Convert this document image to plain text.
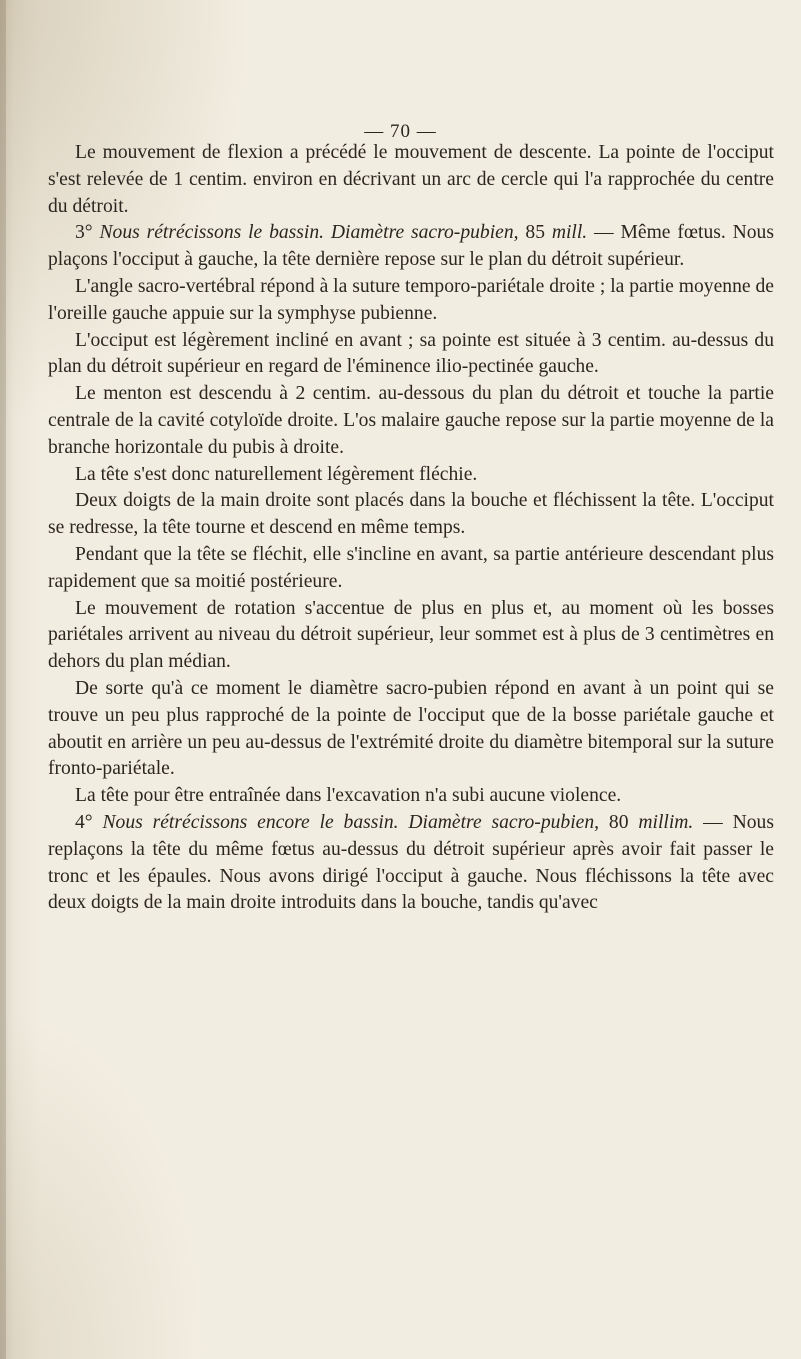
— 70 —

Le mouvement de flexion a précédé le mouvement de descente. La pointe de l'occiput s'est relevée de 1 centim. environ en décrivant un arc de cercle qui l'a rapprochée du centre du détroit.

3° Nous rétrécissons le bassin. Diamètre sacro-pubien, 85 mill. — Même fœtus. Nous plaçons l'occiput à gauche, la tête dernière repose sur le plan du détroit supérieur.

L'angle sacro-vertébral répond à la suture temporo-pariétale droite ; la partie moyenne de l'oreille gauche appuie sur la symphyse pubienne.

L'occiput est légèrement incliné en avant ; sa pointe est située à 3 centim. au-dessus du plan du détroit supérieur en regard de l'éminence ilio-pectinée gauche.

Le menton est descendu à 2 centim. au-dessous du plan du détroit et touche la partie centrale de la cavité cotyloïde droite. L'os malaire gauche repose sur la partie moyenne de la branche horizontale du pubis à droite.

La tête s'est donc naturellement légèrement fléchie.

Deux doigts de la main droite sont placés dans la bouche et fléchissent la tête. L'occiput se redresse, la tête tourne et descend en même temps.

Pendant que la tête se fléchit, elle s'incline en avant, sa partie antérieure descendant plus rapidement que sa moitié postérieure.

Le mouvement de rotation s'accentue de plus en plus et, au moment où les bosses pariétales arrivent au niveau du détroit supérieur, leur sommet est à plus de 3 centimètres en dehors du plan médian.

De sorte qu'à ce moment le diamètre sacro-pubien répond en avant à un point qui se trouve un peu plus rapproché de la pointe de l'occiput que de la bosse pariétale gauche et aboutit en arrière un peu au-dessus de l'extrémité droite du diamètre bitemporal sur la suture fronto-pariétale.

La tête pour être entraînée dans l'excavation n'a subi aucune violence.

4° Nous rétrécissons encore le bassin. Diamètre sacro-pubien, 80 millim. — Nous replaçons la tête du même fœtus au-dessus du détroit supérieur après avoir fait passer le tronc et les épaules. Nous avons dirigé l'occiput à gauche. Nous fléchissons la tête avec deux doigts de la main droite introduits dans la bouche, tandis qu'avec
